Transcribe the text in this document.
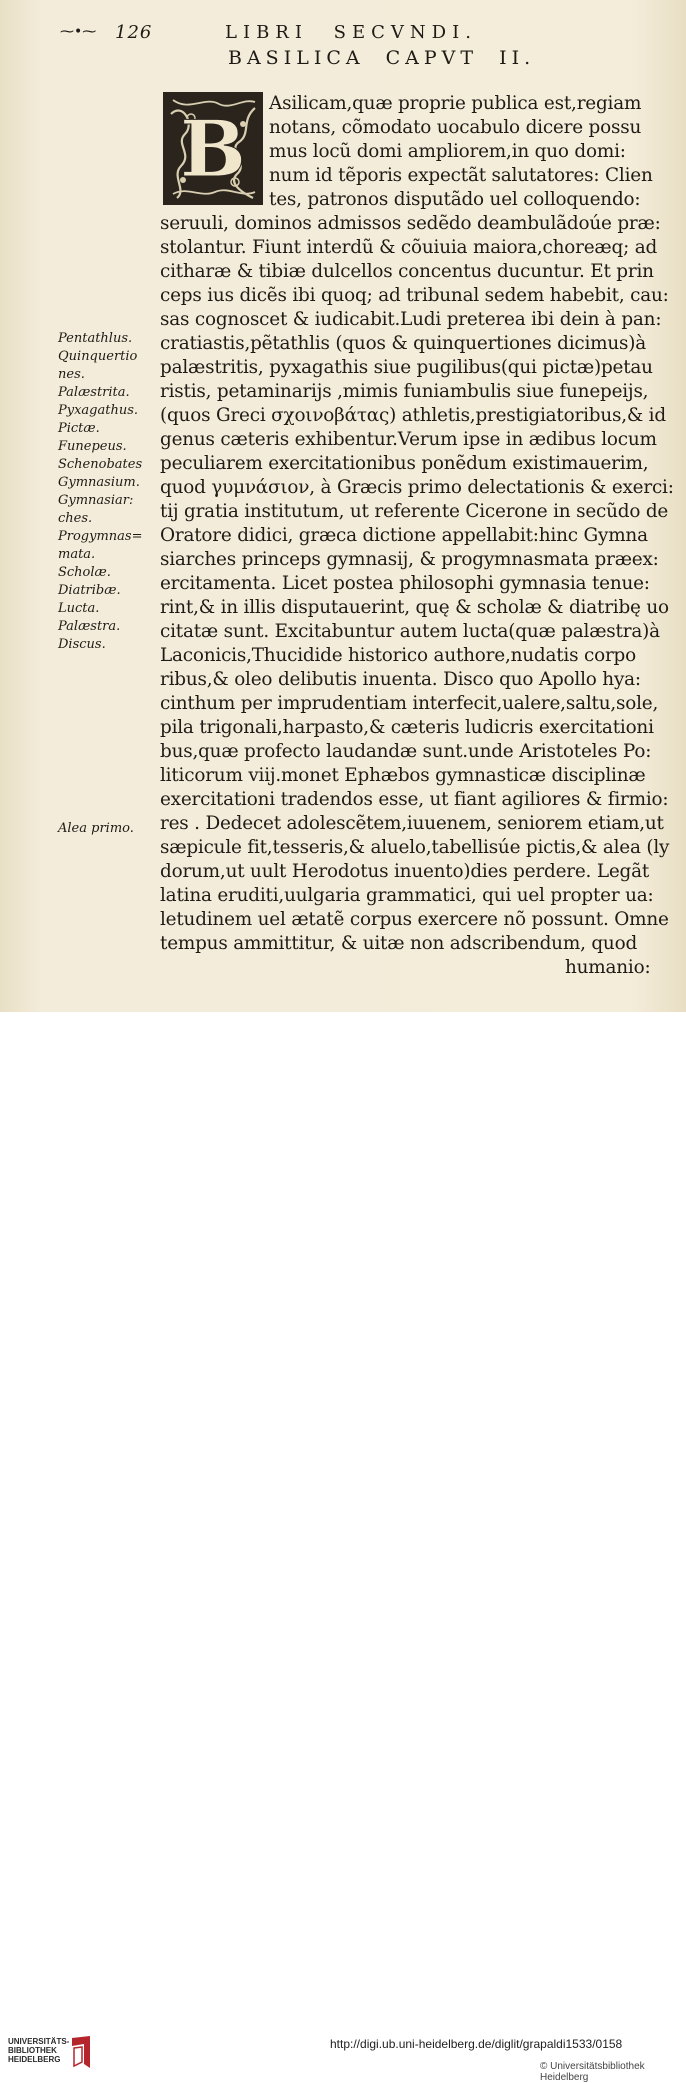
⁓•⁓ 126	LIBRI SECVNDI.
BASILICA CAPVT II.
B
Asilicam,quæ proprie publica est,regiam
notans, cõmodato uocabulo dicere possu
mus locũ domi ampliorem,in quo domi:
num id tẽporis expectãt salutatores: Clien
tes, patronos disputãdo uel colloquendo:
seruuli, dominos admissos sedẽdo deambulãdoúe præ:
stolantur. Fiunt interdũ & cõuiuia maiora,choreæq; ad
citharæ & tibiæ dulcellos concentus ducuntur. Et prin
ceps ius dicẽs ibi quoq; ad tribunal sedem habebit, cau:
sas cognoscet & iudicabit.Ludi preterea ibi dein à pan:
cratiastis,pẽtathlis (quos & quinquertiones dicimus)à
palæstritis, pyxagathis siue pugilibus(qui pictæ)petau
ristis, petaminarijs ,mimis funiambulis siue funepeijs,
(quos Greci σχοινοβάτας) athletis,prestigiatoribus,& id
genus cæteris exhibentur.Verum ipse in ædibus locum
peculiarem exercitationibus ponẽdum existimauerim,
quod γυμνάσιον, à Græcis primo delectationis & exerci:
tij gratia institutum, ut referente Cicerone in secũdo de
Oratore didici, græca dictione appellabit:hinc Gymna
siarches princeps gymnasij, & progymnasmata præex:
ercitamenta. Licet postea philosophi gymnasia tenue:
rint,& in illis disputauerint, quę & scholæ & diatribę uo
citatæ sunt. Excitabuntur autem lucta(quæ palæstra)à
Laconicis,Thucidide historico authore,nudatis corpo
ribus,& oleo delibutis inuenta. Disco quo Apollo hya:
cinthum per imprudentiam interfecit,ualere,saltu,sole,
pila trigonali,harpasto,& cæteris ludicris exercitationi
bus,quæ profecto laudandæ sunt.unde Aristoteles Po:
liticorum viij.monet Ephæbos gymnasticæ disciplinæ
exercitationi tradendos esse, ut fiant agiliores & firmio:
res . Dedecet adolescẽtem,iuuenem, seniorem etiam,ut
sæpicule fit,tesseris,& aluelo,tabellisúe pictis,& alea (ly
dorum,ut uult Herodotus inuento)dies perdere. Legãt
latina eruditi,uulgaria grammatici, qui uel propter ua:
letudinem uel ætatẽ corpus exercere nõ possunt. Omne
tempus ammittitur, & uitæ non adscribendum, quod
humanio:
Pentathlus.
Quinquertio
nes.
Palæstrita.
Pyxagathus.
Pictæ.
Funepeus.
Schenobates
Gymnasium.
Gymnasiar:
ches.
Progymnas=
mata.
Scholæ.
Diatribæ.
Lucta.
Palæstra.
Discus.
Alea primo.
UNIVERSITÄTS-
BIBLIOTHEK
HEIDELBERG
http://digi.ub.uni-heidelberg.de/diglit/grapaldi1533/0158
© Universitätsbibliothek Heidelberg
